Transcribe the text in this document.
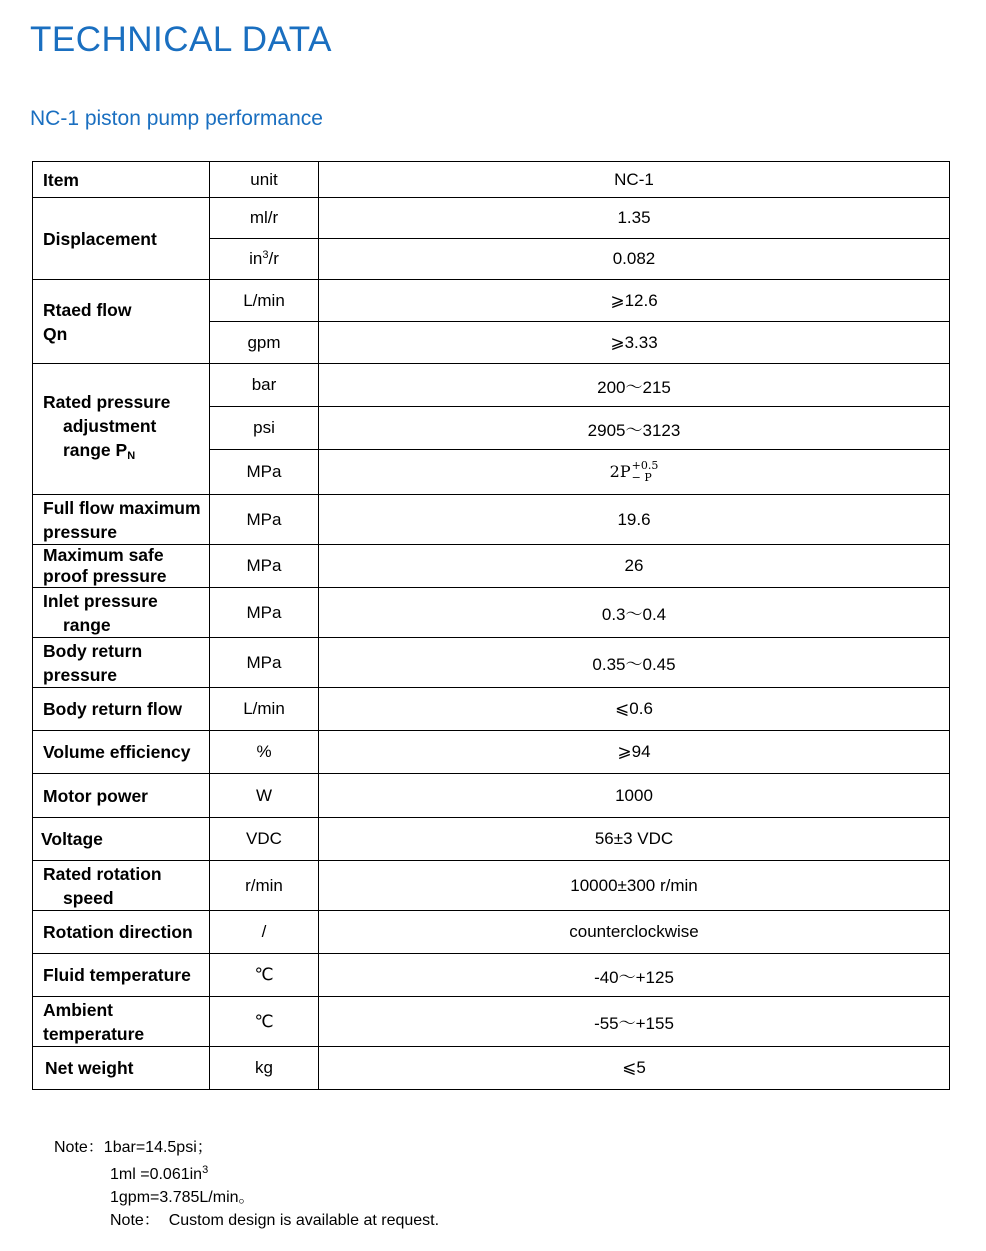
TECHNICAL DATA
NC-1 piston pump performance
Item	unit	NC-1
Displacement	ml/r	1.35
	$in^3/r$	0.082

Rtaed flow
Qn	L/min	⩾12.6
	gpm	⩾3.33

Rated pressure
adjustment
range $P_N$	bar	200～215
	psi	2905～3123
	MPa	2P +0.5
− P

Full flow maximum
pressure	MPa	19.6

Maximum safe
proof pressure	MPa	26

Inlet pressure
range	MPa	0.3～0.4

Body return
pressure	MPa	0.35～0.45
Body return flow	L/min	⩽0.6
Volume efficiency	%	⩾94
Motor power	W	1000
Voltage	VDC	56±3 VDC

Rated rotation
speed	r/min	10000±300 r/min
Rotation direction	/	counterclockwise
Fluid temperature	℃	-40～+125

Ambient
temperature	℃	-55～+155
Net weight	kg	⩽5
Note：1bar=14.5psi；
$1ml =0.061in^3$
1gpm=3.785L/min。
Note：  Custom design is available at request.
